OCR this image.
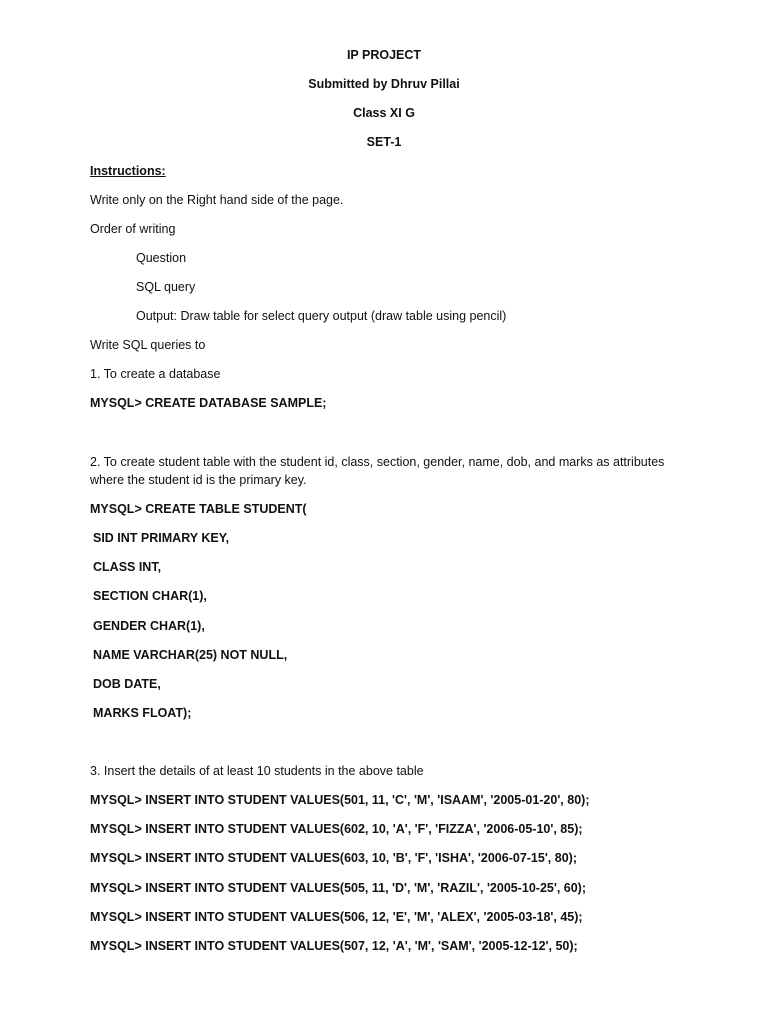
IP PROJECT
Submitted by Dhruv Pillai
Class XI G
SET-1
Instructions:
Write only on the Right hand side of the page.
Order of writing
Question
SQL query
Output: Draw table for select query output (draw table using pencil)
Write SQL queries to
1. To create a database
MYSQL> CREATE DATABASE SAMPLE;
2. To create student table with the student id, class, section, gender, name, dob, and marks as attributes
where the student id is the primary key.
MYSQL> CREATE TABLE STUDENT(
SID INT PRIMARY KEY,
CLASS INT,
SECTION CHAR(1),
GENDER CHAR(1),
NAME VARCHAR(25) NOT NULL,
DOB DATE,
MARKS FLOAT);
3. Insert the details of at least 10 students in the above table
MYSQL> INSERT INTO STUDENT VALUES(501, 11, 'C', 'M', 'ISAAM', '2005-01-20', 80);
MYSQL> INSERT INTO STUDENT VALUES(602, 10, 'A', 'F', 'FIZZA', '2006-05-10', 85);
MYSQL> INSERT INTO STUDENT VALUES(603, 10, 'B', 'F', 'ISHA', '2006-07-15', 80);
MYSQL> INSERT INTO STUDENT VALUES(505, 11, 'D', 'M', 'RAZIL', '2005-10-25', 60);
MYSQL> INSERT INTO STUDENT VALUES(506, 12, 'E', 'M', 'ALEX', '2005-03-18', 45);
MYSQL> INSERT INTO STUDENT VALUES(507, 12, 'A', 'M', 'SAM', '2005-12-12', 50);
